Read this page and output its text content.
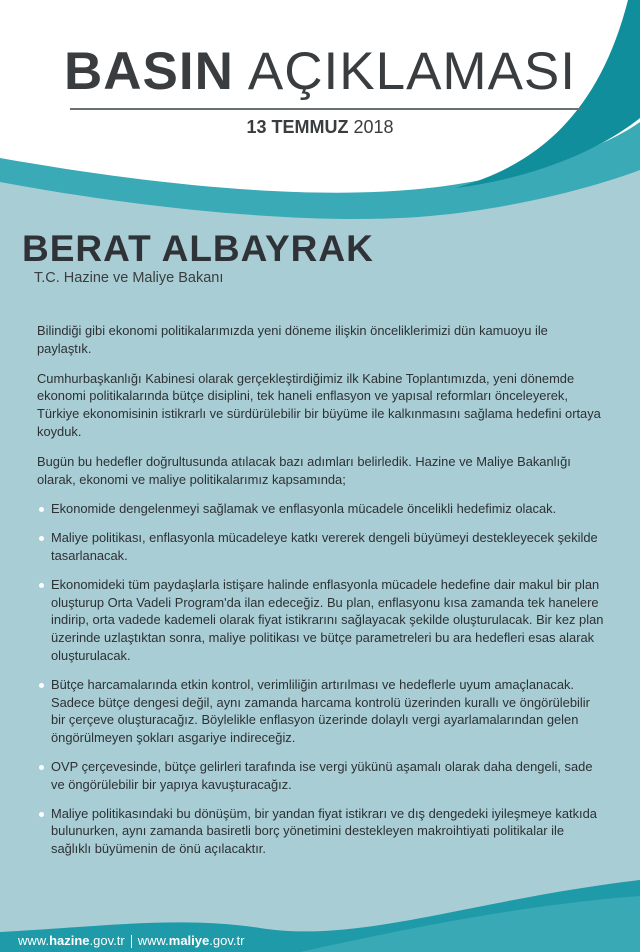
BASIN AÇIKLAMASI
13 TEMMUZ 2018
BERAT ALBAYRAK
T.C. Hazine ve Maliye Bakanı

Bilindiği gibi ekonomi politikalarımızda yeni döneme ilişkin önceliklerimizi dün kamuoyu ile paylaştık.

Cumhurbaşkanlığı Kabinesi olarak gerçekleştirdiğimiz ilk Kabine Toplantımızda, yeni dönemde ekonomi politikalarında bütçe disiplini, tek haneli enflasyon ve yapısal reformları önceleyerek, Türkiye ekonomisinin istikrarlı ve sürdürülebilir bir büyüme ile kalkınmasını sağlama hedefini ortaya koyduk.

Bugün bu hedefler doğrultusunda atılacak bazı adımları belirledik. Hazine ve Maliye Bakanlığı olarak, ekonomi ve maliye politikalarımız kapsamında;

Ekonomide dengelenmeyi sağlamak ve enflasyonla mücadele öncelikli hedefimiz olacak.
Maliye politikası, enflasyonla mücadeleye katkı vererek dengeli büyümeyi destekleyecek şekilde tasarlanacak.
Ekonomideki tüm paydaşlarla istişare halinde enflasyonla mücadele hedefine dair makul bir plan oluşturup Orta Vadeli Program'da ilan edeceğiz. Bu plan, enflasyonu kısa zamanda tek hanelere indirip, orta vadede kademeli olarak fiyat istikrarını sağlayacak şekilde oluşturulacak. Bir kez plan üzerinde uzlaştıktan sonra, maliye politikası ve bütçe parametreleri bu ara hedefleri esas alarak oluşturulacak.
Bütçe harcamalarında etkin kontrol, verimliliğin artırılması ve hedeflerle uyum amaçlanacak. Sadece bütçe dengesi değil, aynı zamanda harcama kontrolü üzerinden kurallı ve öngörülebilir bir çerçeve oluşturacağız. Böylelikle enflasyon üzerinde dolaylı vergi ayarlamalarından gelen öngörülmeyen şokları asgariye indireceğiz.
OVP çerçevesinde, bütçe gelirleri tarafında ise vergi yükünü aşamalı olarak daha dengeli, sade ve öngörülebilir bir yapıya kavuşturacağız.
Maliye politikasındaki bu dönüşüm, bir yandan fiyat istikrarı ve dış dengedeki iyileşmeye katkıda bulunurken, aynı zamanda basiretli borç yönetimini destekleyen makroihtiyati politikalar ile sağlıklı büyümenin de önü açılacaktır.
www.hazine.gov.tr www.maliye.gov.tr
